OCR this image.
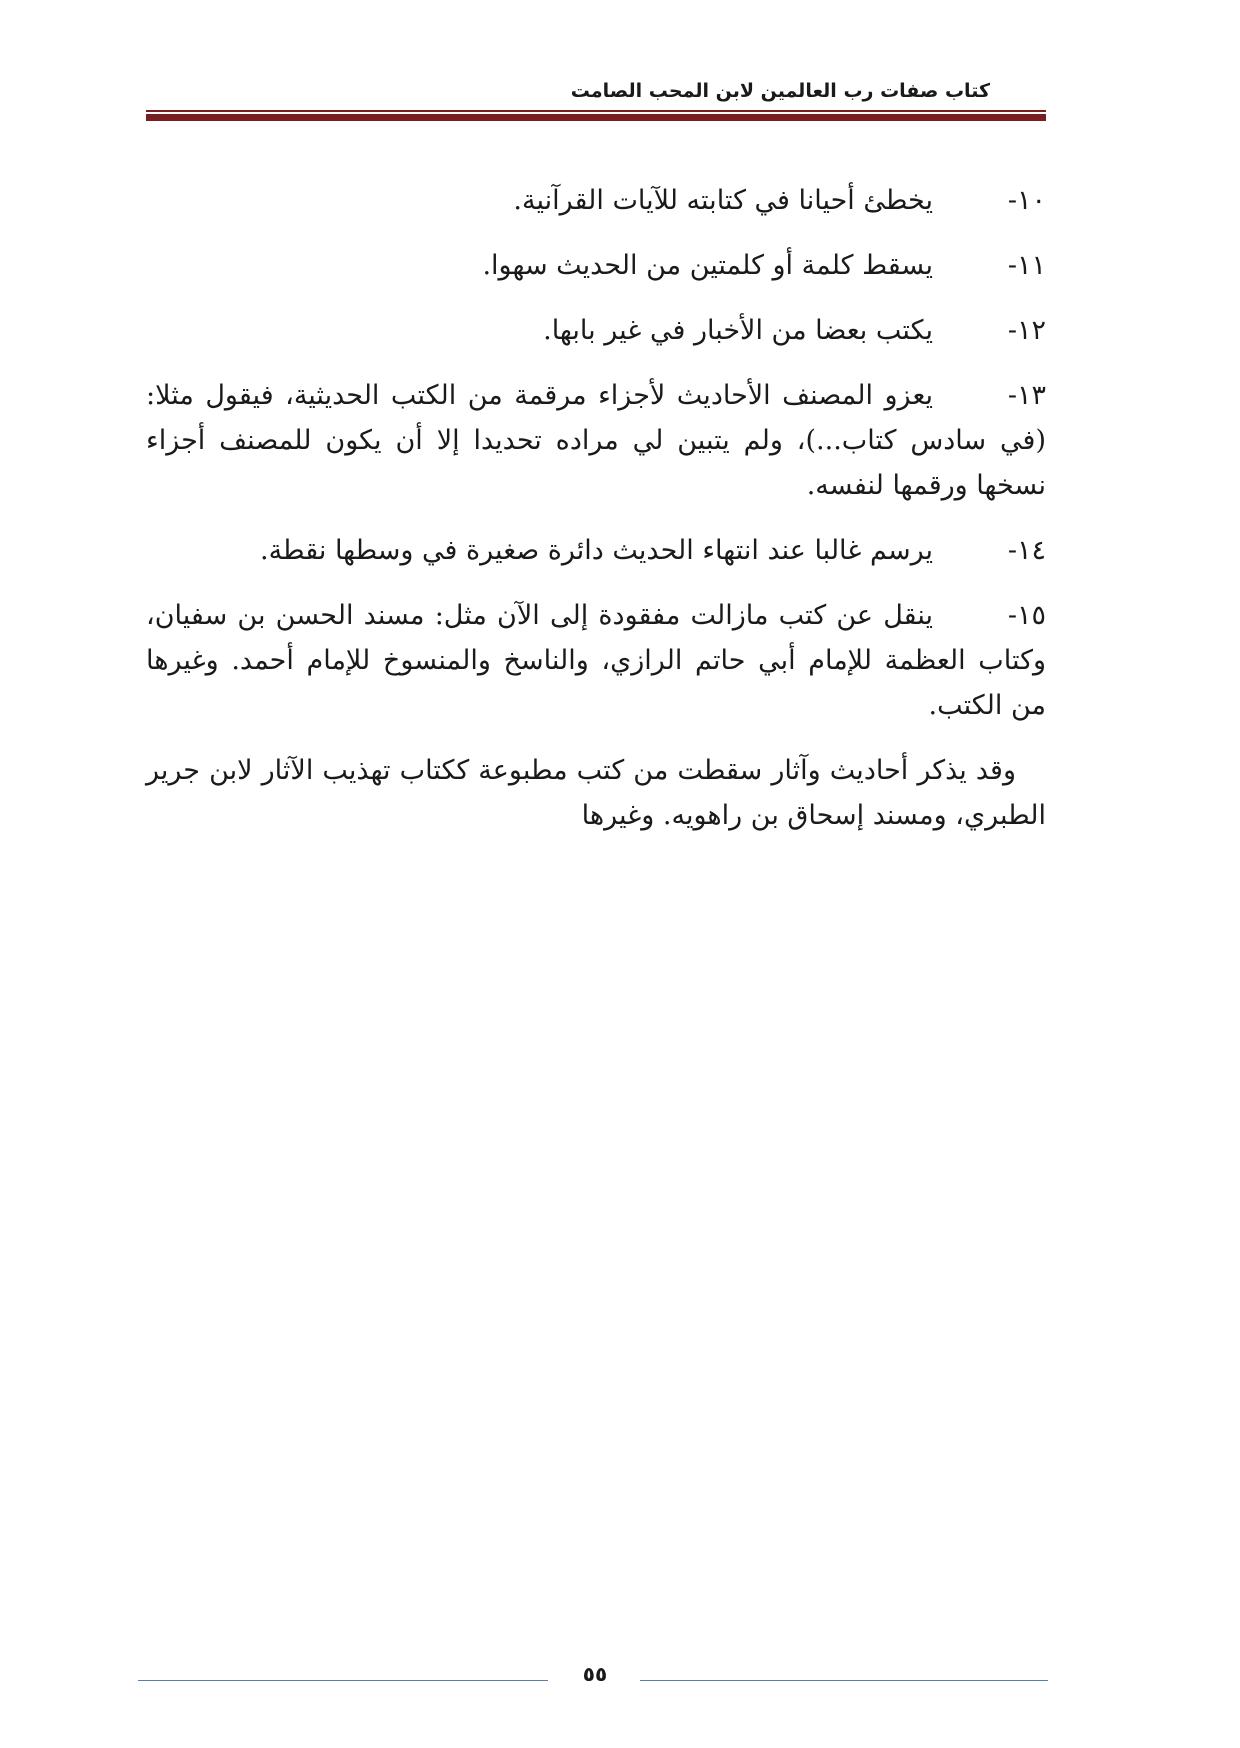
كتاب صفات رب العالمين لابن المحب الصامت

١٠-
يخطئ أحيانا في كتابته للآيات القرآنية.

١١-
يسقط كلمة أو كلمتين من الحديث سهوا.

١٢-
يكتب بعضا من الأخبار في غير بابها.

١٣-
يعزو المصنف الأحاديث لأجزاء مرقمة من الكتب الحديثية، فيقول مثلا: (في سادس كتاب...)، ولم يتبين لي مراده تحديدا إلا أن يكون للمصنف أجزاء نسخها ورقمها لنفسه.

١٤-
يرسم غالبا عند انتهاء الحديث دائرة صغيرة في وسطها نقطة.

١٥-
ينقل عن كتب مازالت مفقودة إلى الآن مثل: مسند الحسن بن سفيان، وكتاب العظمة للإمام أبي حاتم الرازي، والناسخ والمنسوخ للإمام أحمد. وغيرها من الكتب.

وقد يذكر أحاديث وآثار سقطت من كتب مطبوعة ككتاب تهذيب الآثار لابن جرير الطبري، ومسند إسحاق بن راهويه. وغيرها

٥٥
